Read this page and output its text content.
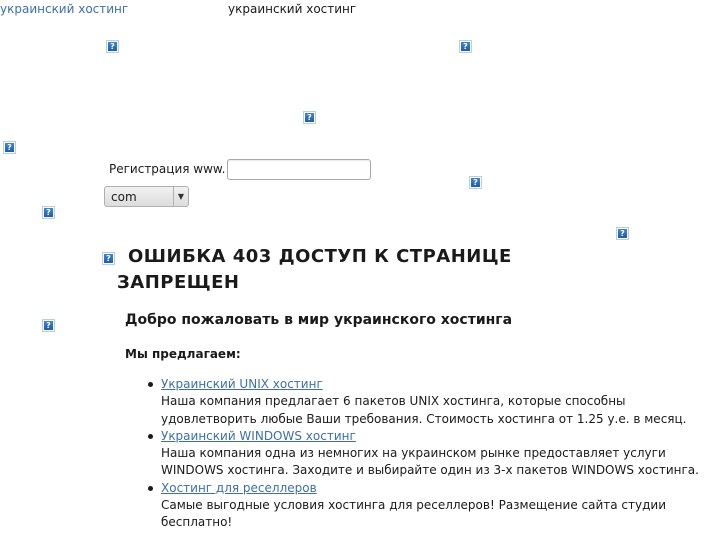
украинский хостинг	украинский хостинг
?	?
?
?
?
?
?
?
?
Регистрация www.
com	▼
ОШИБКА 403 ДОСТУП К СТРАНИЦЕ ЗАПРЕЩЕН
Добро пожаловать в мир украинского хостинга
Мы предлагаем:
Украинский UNIX хостинг
Наша компания предлагает 6 пакетов UNIX хостинга, которые способны удовлетворить любые Ваши требования. Стоимость хостинга от 1.25 у.е. в месяц.
Украинский WINDOWS хостинг
Наша компания одна из немногих на украинском рынке предоставляет услуги WINDOWS хостинга. Заходите и выбирайте один из 3-х пакетов WINDOWS хостинга.
Хостинг для реселлеров
Самые выгодные условия хостинга для реселлеров! Размещение сайта студии бесплатно!
